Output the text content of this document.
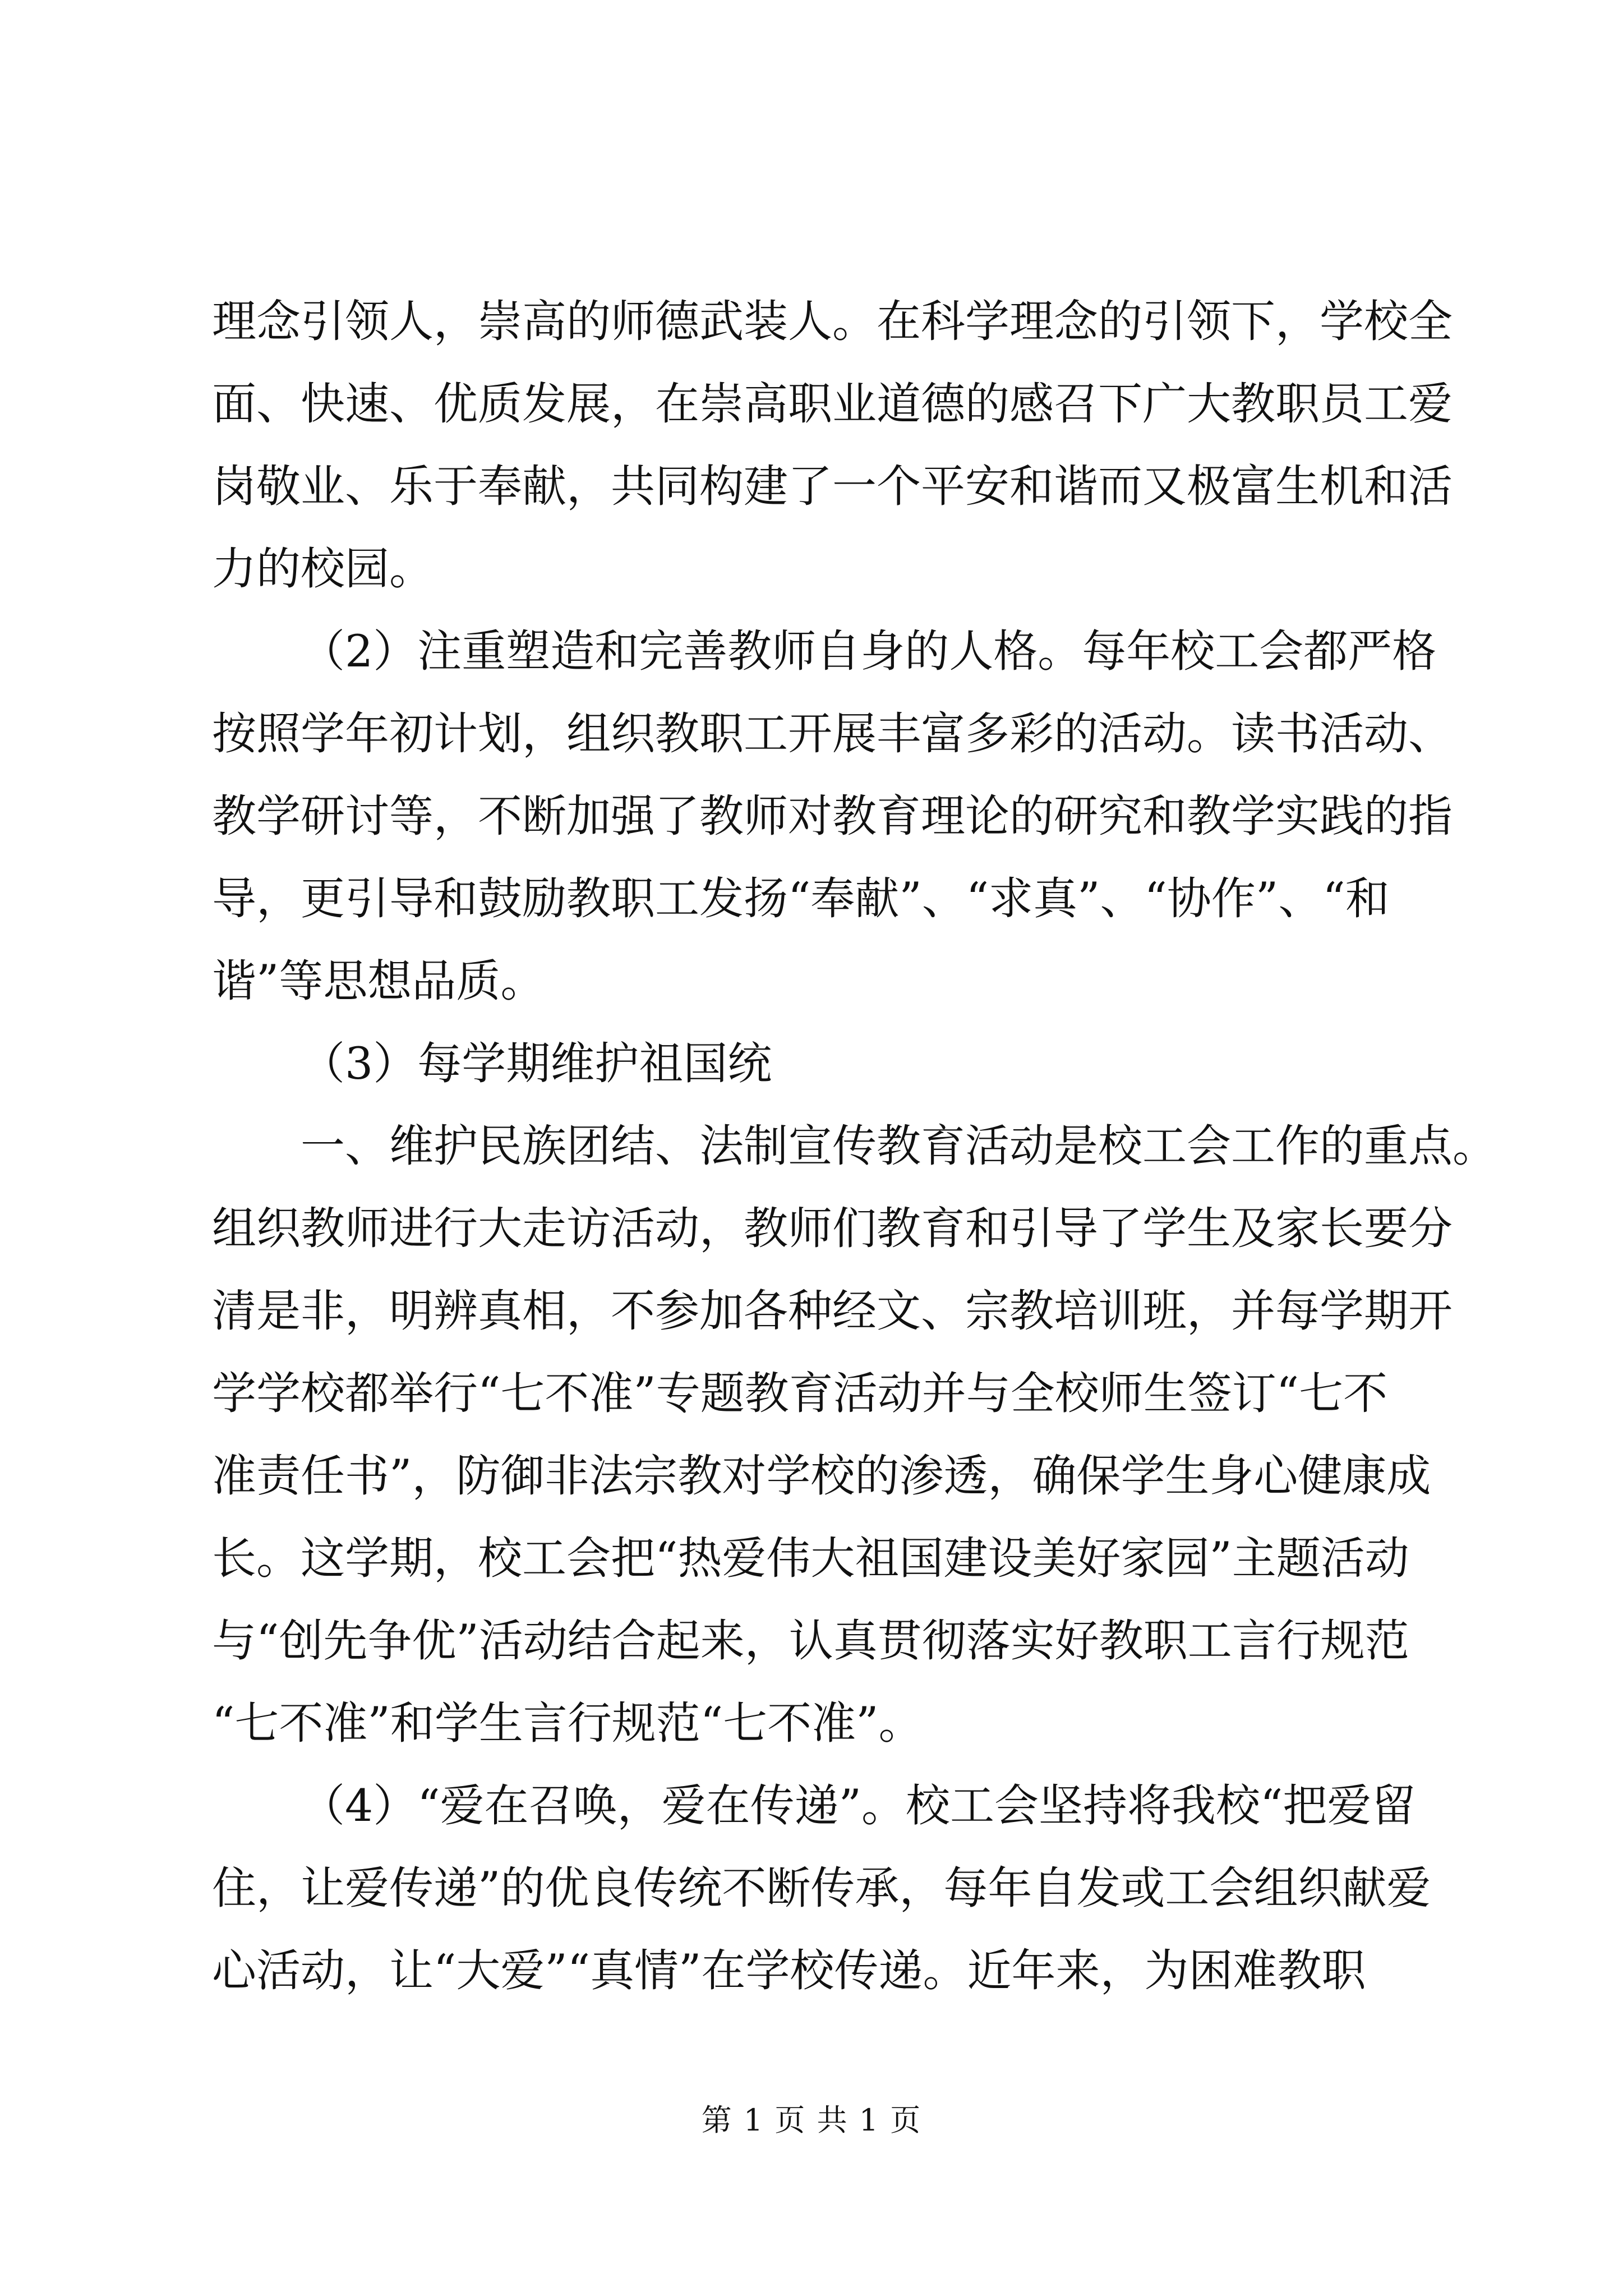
理念引领人，崇高的师德武装人。在科学理念的引领下，学校全
面、快速、优质发展，在崇高职业道德的感召下广大教职员工爱
岗敬业、乐于奉献，共同构建了一个平安和谐而又极富生机和活
力的校园。
（2）注重塑造和完善教师自身的人格。每年校工会都严格
按照学年初计划，组织教职工开展丰富多彩的活动。读书活动、
教学研讨等，不断加强了教师对教育理论的研究和教学实践的指
导，更引导和鼓励教职工发扬“奉献”、“求真”、“协作”、“和
谐”等思想品质。
（3）每学期维护祖国统
一、维护民族团结、法制宣传教育活动是校工会工作的重点。
组织教师进行大走访活动，教师们教育和引导了学生及家长要分
清是非，明辨真相，不参加各种经文、宗教培训班，并每学期开
学学校都举行“七不准”专题教育活动并与全校师生签订“七不
准责任书”，防御非法宗教对学校的渗透，确保学生身心健康成
长。这学期，校工会把“热爱伟大祖国建设美好家园”主题活动
与“创先争优”活动结合起来，认真贯彻落实好教职工言行规范
“七不准”和学生言行规范“七不准”。
（4）“爱在召唤，爱在传递”。校工会坚持将我校“把爱留
住，让爱传递”的优良传统不断传承，每年自发或工会组织献爱
心活动，让“大爱”“真情”在学校传递。近年来，为困难教职
第 1 页 共 1 页
